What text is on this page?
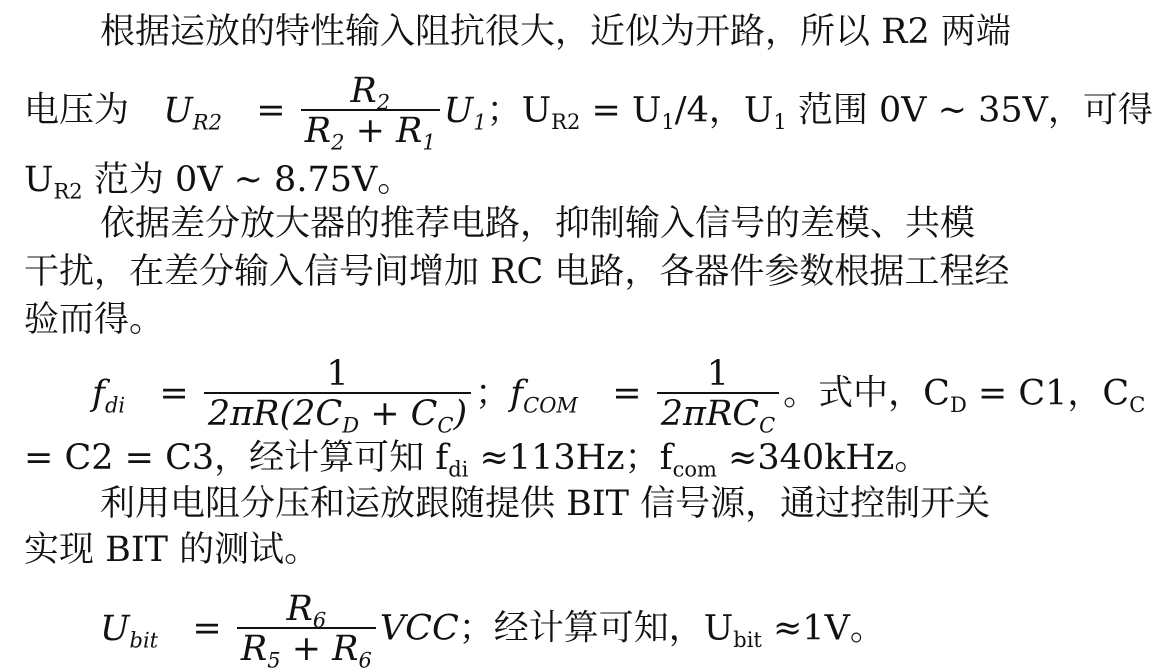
根据运放的特性输入阻抗很大，近似为开路，所以 R2 两端
电压为 $U_{R2} = \frac{R_2}{R_2 + R_1} U_1$；$U_{R2} = U_1/4$，$U_1$ 范围 0V ~ 35V，可得
$U_{R2}$ 范为 0V ~ 8.75V。
依据差分放大器的推荐电路，抑制输入信号的差模、共模
干扰，在差分输入信号间增加 RC 电路，各器件参数根据工程经
验而得。
$f_{di} = \frac{1}{2\pi R(2C_D + C_C)}$ ；$f_{COM} = \frac{1}{2\pi RC_C}$ 。式中，$C_D = C1$，$C_C$
= C2 = C3，经计算可知 $f_{di} \approx 113Hz$；$f_{com} \approx 340kHz$。
利用电阻分压和运放跟随提供 BIT 信号源，通过控制开关
实现 BIT 的测试。
$U_{bit} = \frac{R_6}{R_5 + R_6}$ VCC；经计算可知，$U_{bit} \approx 1V$。
